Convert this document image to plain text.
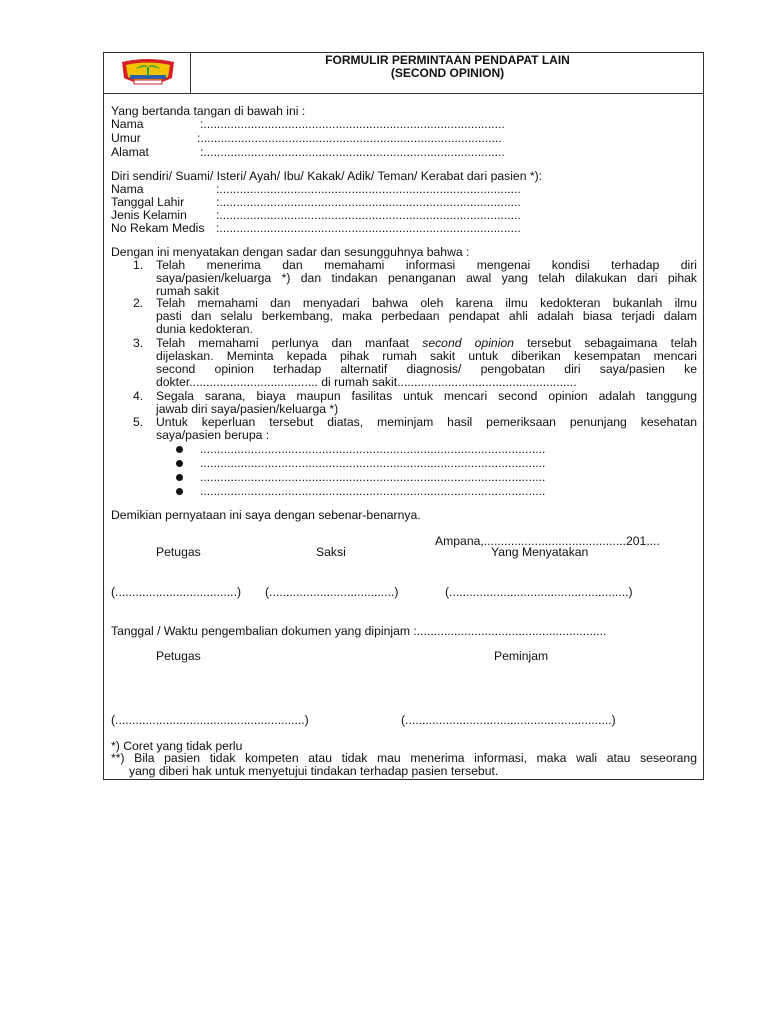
FORMULIR PERMINTAAN PENDAPAT LAIN
(SECOND OPINION)
Yang bertanda tangan di bawah ini :
Nama	:.........................................................................................
Umur	:.........................................................................................
Alamat	:.........................................................................................
Diri sendiri/ Suami/ Isteri/ Ayah/ Ibu/ Kakak/ Adik/ Teman/ Kerabat dari pasien *):
Nama	:.........................................................................................
Tanggal Lahir	:.........................................................................................
Jenis Kelamin :.........................................................................................
No Rekam Medis :.........................................................................................
Dengan ini menyatakan dengan sadar dan sesungguhnya bahwa :
1. Telah menerima dan memahami informasi mengenai kondisi terhadap diri
saya/pasien/keluarga *) dan tindakan penanganan awal yang telah dilakukan dari pihak
rumah sakit
2. Telah memahami dan menyadari bahwa oleh karena ilmu kedokteran bukanlah ilmu
pasti dan selalu berkembang, maka perbedaan pendapat ahli adalah biasa terjadi dalam
dunia kedokteran.
3. Telah memahami perlunya dan manfaat second opinion tersebut sebagaimana telah
dijelaskan. Meminta kepada pihak rumah sakit untuk diberikan kesempatan mencari
second opinion terhadap alternatif diagnosis/ pengobatan diri saya/pasien ke
dokter...................................... di rumah sakit.....................................................
4. Segala sarana, biaya maupun fasilitas untuk mencari second opinion adalah tanggung
jawab diri saya/pasien/keluarga *)
5. Untuk keperluan tersebut diatas, meminjam hasil pemeriksaan penunjang kesehatan
saya/pasien berupa :
......................................................................................................
......................................................................................................
......................................................................................................
......................................................................................................
Demikian pernyataan ini saya dengan sebenar-benarnya.
Ampana,..........................................201....
Petugas	Saksi	Yang Menyatakan
(....................................) (.....................................)	(.....................................................)
Tanggal / Waktu pengembalian dokumen yang dipinjam :........................................................
Petugas	Peminjam
(........................................................)	(.............................................................)
*) Coret yang tidak perlu
**) Bila pasien tidak kompeten atau tidak mau menerima informasi, maka wali atau seseorang
yang diberi hak untuk menyetujui tindakan terhadap pasien tersebut.
